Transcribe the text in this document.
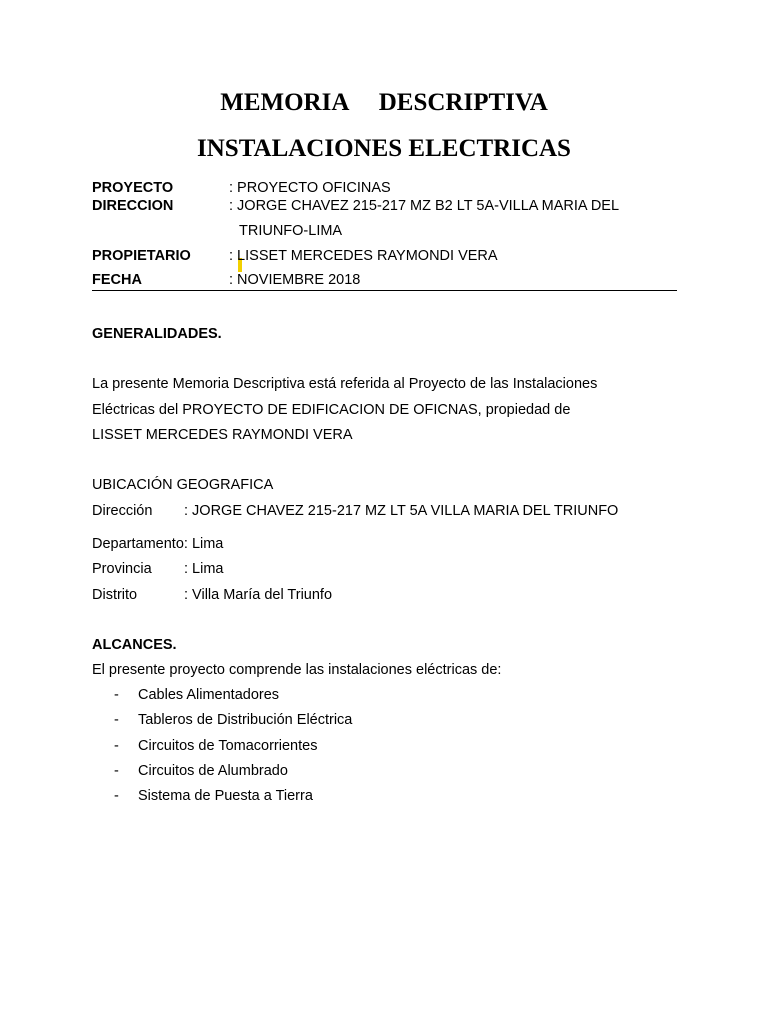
MEMORIA   DESCRIPTIVA
INSTALACIONES ELECTRICAS
PROYECTO	: PROYECTO OFICINAS
DIRECCION	: JORGE CHAVEZ 215-217 MZ B2 LT 5A-VILLA MARIA DEL
TRIUNFO-LIMA
PROPIETARIO	: LISSET MERCEDES RAYMONDI VERA
FECHA	: NOVIEMBRE 2018
GENERALIDADES.
La presente Memoria Descriptiva está referida al Proyecto de las Instalaciones
Eléctricas del PROYECTO DE EDIFICACION DE OFICNAS, propiedad de
LISSET MERCEDES RAYMONDI VERA
UBICACIÓN GEOGRAFICA
Dirección : JORGE CHAVEZ 215-217 MZ LT 5A VILLA MARIA DEL TRIUNFO
Departamento: Lima
Provincia : Lima
Distrito	: Villa María del Triunfo
ALCANCES.
El presente proyecto comprende las instalaciones eléctricas de:
- Cables Alimentadores
- Tableros de Distribución Eléctrica
- Circuitos de Tomacorrientes
- Circuitos de Alumbrado
- Sistema de Puesta a Tierra
